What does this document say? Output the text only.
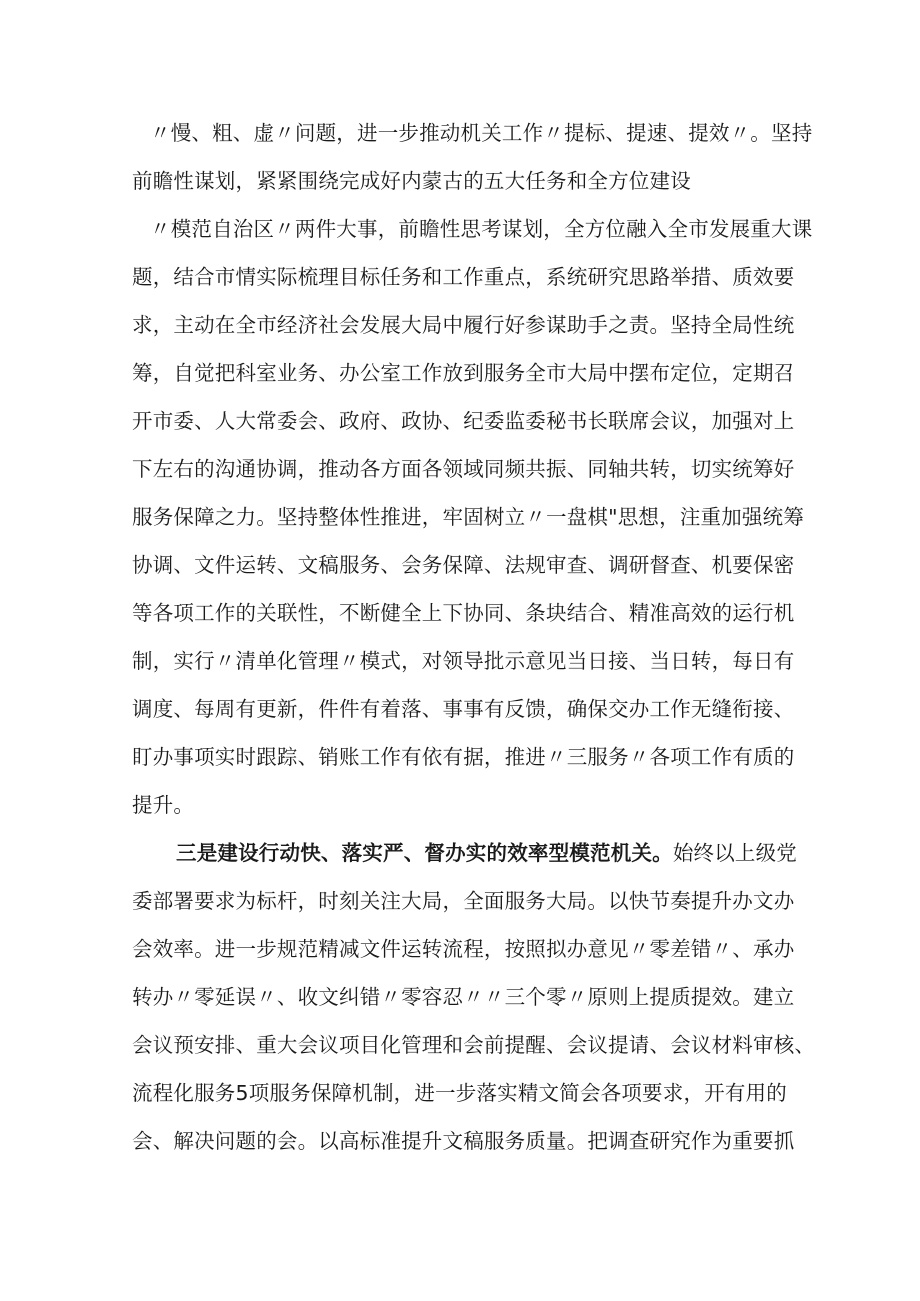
〃慢、粗、虚〃问题，进一步推动机关工作〃提标、提速、提效〃。坚持
前瞻性谋划，紧紧围绕完成好内蒙古的五大任务和全方位建设
〃模范自治区〃两件大事，前瞻性思考谋划，全方位融入全市发展重大课
题，结合市情实际梳理目标任务和工作重点，系统研究思路举措、质效要
求，主动在全市经济社会发展大局中履行好参谋助手之责。坚持全局性统
筹，自觉把科室业务、办公室工作放到服务全市大局中摆布定位，定期召
开市委、人大常委会、政府、政协、纪委监委秘书长联席会议，加强对上
下左右的沟通协调，推动各方面各领域同频共振、同轴共转，切实统筹好
服务保障之力。坚持整体性推进，牢固树立〃一盘棋"思想，注重加强统筹
协调、文件运转、文稿服务、会务保障、法规审查、调研督查、机要保密
等各项工作的关联性，不断健全上下协同、条块结合、精准高效的运行机
制，实行〃清单化管理〃模式，对领导批示意见当日接、当日转，每日有
调度、每周有更新，件件有着落、事事有反馈，确保交办工作无缝衔接、
盯办事项实时跟踪、销账工作有依有据，推进〃三服务〃各项工作有质的
提升。
三是建设行动快、落实严、督办实的效率型模范机关。始终以上级党
委部署要求为标杆，时刻关注大局，全面服务大局。以快节奏提升办文办
会效率。进一步规范精减文件运转流程，按照拟办意见〃零差错〃、承办
转办〃零延误〃、收文纠错〃零容忍〃〃三个零〃原则上提质提效。建立
会议预安排、重大会议项目化管理和会前提醒、会议提请、会议材料审核、
流程化服务5项服务保障机制，进一步落实精文简会各项要求，开有用的
会、解决问题的会。以高标准提升文稿服务质量。把调查研究作为重要抓
